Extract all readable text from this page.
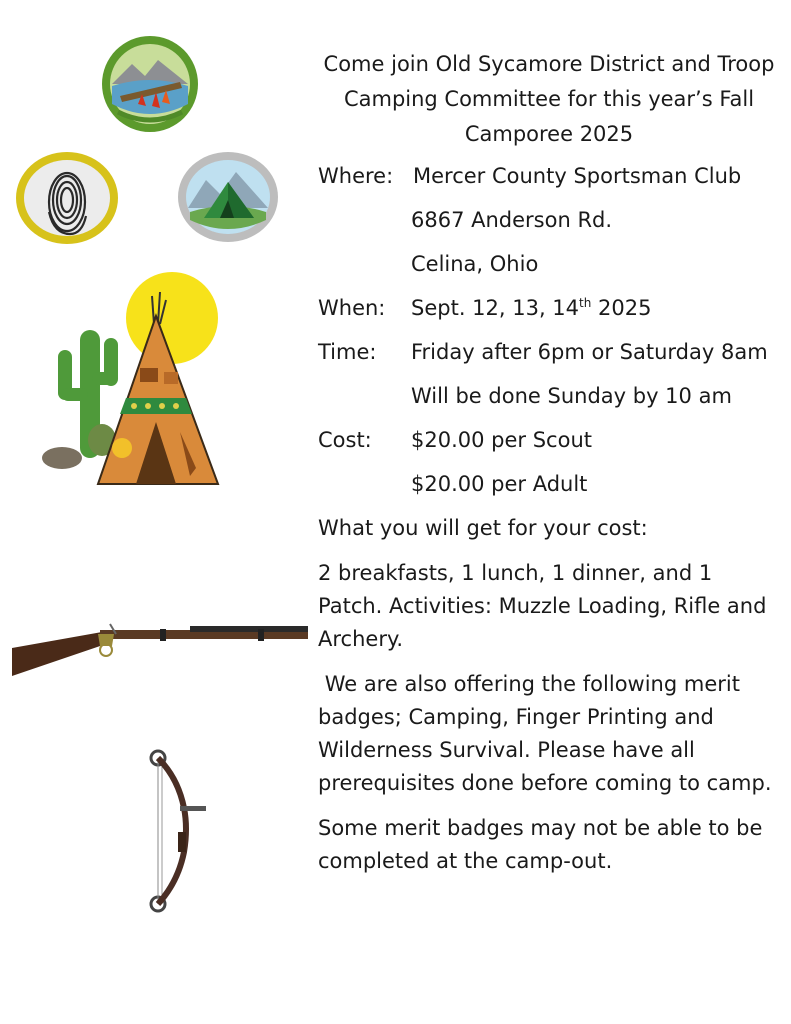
Come join Old Sycamore District and Troop
Camping Committee for this year’s Fall
Camporee 2025
Where: Mercer County Sportsman Club
6867 Anderson Rd.
Celina, Ohio
When:	Sept. 12, 13, 14th 2025
Time:	Friday after 6pm or Saturday 8am
Will be done Sunday by 10 am
Cost:	$20.00 per Scout
$20.00 per Adult

What you will get for your cost:

2 breakfasts, 1 lunch, 1 dinner, and 1 Patch. Activities: Muzzle Loading, Rifle and Archery.

We are also offering the following merit badges; Camping, Finger Printing and Wilderness Survival. Please have all prerequisites done before coming to camp.

Some merit badges may not be able to be completed at the camp-out.
